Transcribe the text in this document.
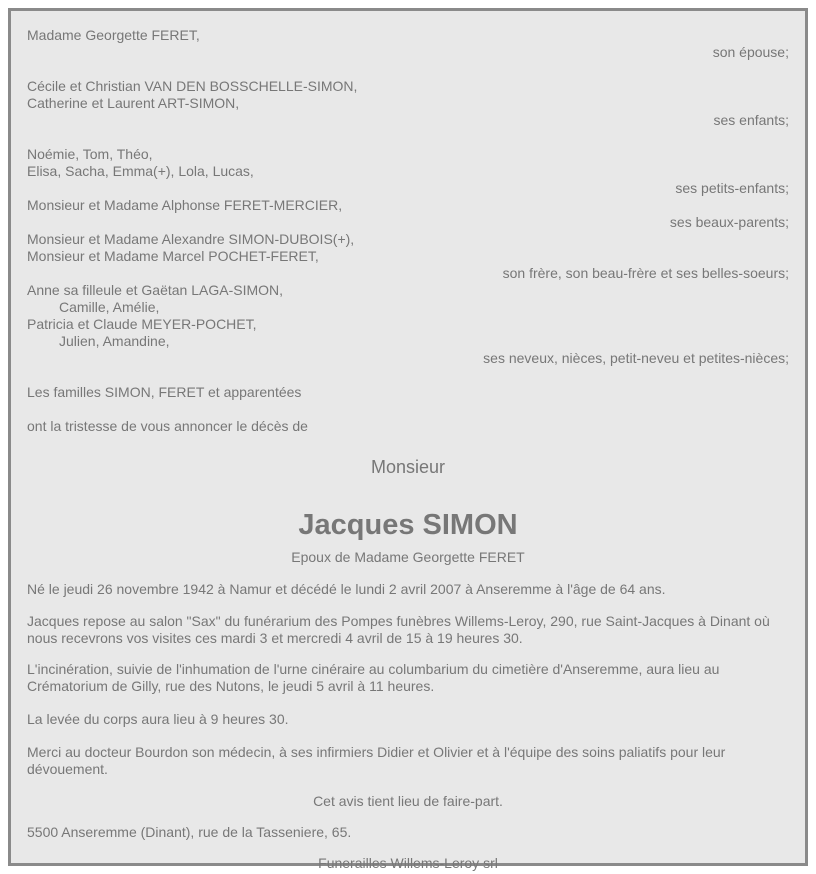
Madame Georgette FERET,
son épouse;
Cécile et Christian VAN DEN BOSSCHELLE-SIMON,
Catherine et Laurent ART-SIMON,
ses enfants;
Noémie, Tom, Théo,
Elisa, Sacha, Emma(+), Lola, Lucas,
ses petits-enfants;
Monsieur et Madame Alphonse FERET-MERCIER,
ses beaux-parents;
Monsieur et Madame Alexandre SIMON-DUBOIS(+),
Monsieur et Madame Marcel POCHET-FERET,
son frère, son beau-frère et ses belles-soeurs;
Anne sa filleule et Gaëtan LAGA-SIMON,
Camille, Amélie,
Patricia et Claude MEYER-POCHET,
Julien, Amandine,
ses neveux, nièces, petit-neveu et petites-nièces;
Les familles SIMON, FERET et apparentées
ont la tristesse de vous annoncer le décès de
Monsieur
Jacques SIMON
Epoux de Madame Georgette FERET
Né le jeudi 26 novembre 1942 à Namur et décédé le lundi 2 avril 2007 à Anseremme à l'âge de 64 ans.
Jacques repose au salon "Sax" du funérarium des Pompes funèbres Willems-Leroy, 290, rue Saint-Jacques à Dinant où nous recevrons vos visites ces mardi 3 et mercredi 4 avril de 15 à 19 heures 30.
L'incinération, suivie de l'inhumation de l'urne cinéraire au columbarium du cimetière d'Anseremme, aura lieu au Crématorium de Gilly, rue des Nutons, le jeudi 5 avril à 11 heures.
La levée du corps aura lieu à 9 heures 30.
Merci au docteur Bourdon son médecin, à ses infirmiers Didier et Olivier et à l'équipe des soins paliatifs pour leur dévouement.
Cet avis tient lieu de faire-part.
5500 Anseremme (Dinant), rue de la Tasseniere, 65.
Funerailles Willems-Leroy srl
